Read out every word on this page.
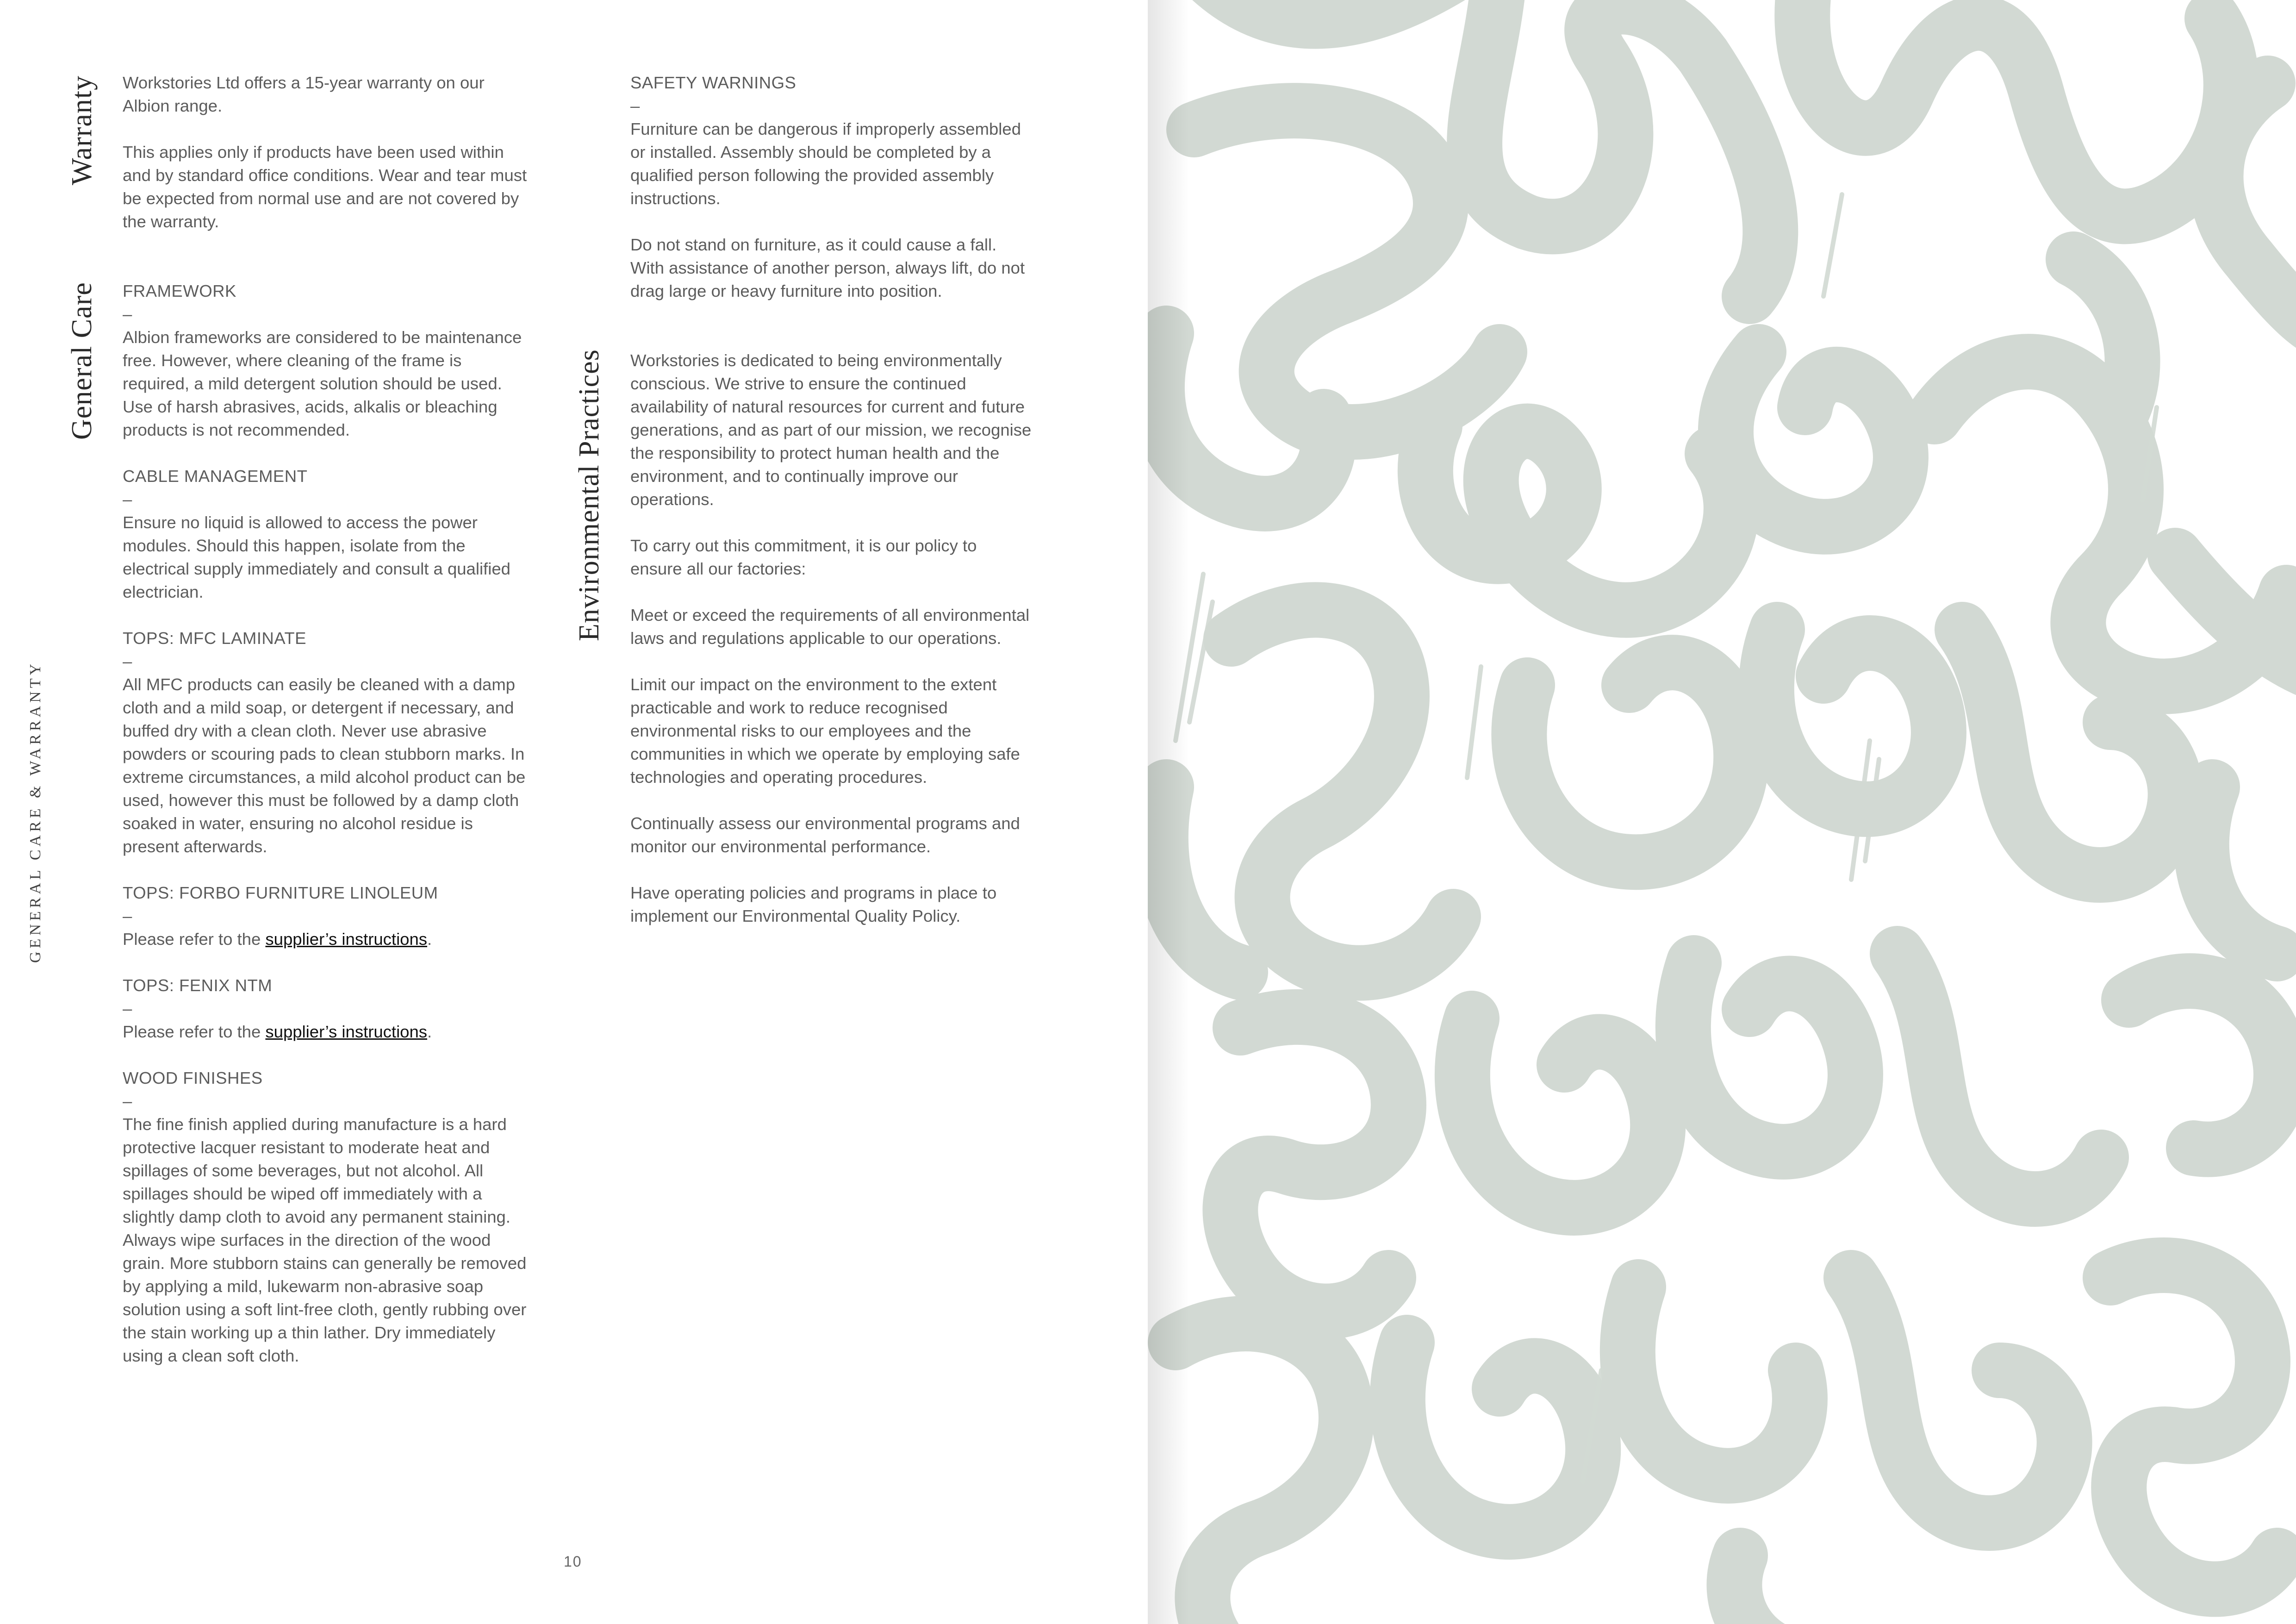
GENERAL CARE & WARRANTY
Warranty Workstories Ltd offers a 15-year warranty on our Albion range.

This applies only if products have been used within and by standard office conditions. Wear and tear must be expected from normal use and are not covered by the warranty.

General Care FRAMEWORK

–

Albion frameworks are considered to be maintenance free. However, where cleaning of the frame is required, a mild detergent solution should be used. Use of harsh abrasives, acids, alkalis or bleaching products is not recommended.

CABLE MANAGEMENT

–

Ensure no liquid is allowed to access the power modules. Should this happen, isolate from the electrical supply immediately and consult a qualified electrician.

TOPS: MFC LAMINATE

–

All MFC products can easily be cleaned with a damp cloth and a mild soap, or detergent if necessary, and buffed dry with a clean cloth. Never use abrasive powders or scouring pads to clean stubborn marks. In extreme circumstances, a mild alcohol product can be used, however this must be followed by a damp cloth soaked in water, ensuring no alcohol residue is present afterwards.

TOPS: FORBO FURNITURE LINOLEUM

–

Please refer to the supplier’s instructions.

TOPS: FENIX NTM

–

Please refer to the supplier’s instructions.

WOOD FINISHES

–

The fine finish applied during manufacture is a hard protective lacquer resistant to moderate heat and spillages of some beverages, but not alcohol. All spillages should be wiped off immediately with a slightly damp cloth to avoid any permanent staining. Always wipe surfaces in the direction of the wood grain. More stubborn stains can generally be removed by applying a mild, lukewarm non-abrasive soap solution using a soft lint-free cloth, gently rubbing over the stain working up a thin lather. Dry immediately using a clean soft cloth.

SAFETY WARNINGS

–

Furniture can be dangerous if improperly assembled or installed. Assembly should be completed by a qualified person following the provided assembly instructions.

Do not stand on furniture, as it could cause a fall. With assistance of another person, always lift, do not drag large or heavy furniture into position.

Environmental Practices Workstories is dedicated to being environmentally conscious. We strive to ensure the continued availability of natural resources for current and future generations, and as part of our mission, we recognise the responsibility to protect human health and the environment, and to continually improve our operations.

To carry out this commitment, it is our policy to ensure all our factories:

Meet or exceed the requirements of all environmental laws and regulations applicable to our operations.

Limit our impact on the environment to the extent practicable and work to reduce recognised environmental risks to our employees and the communities in which we operate by employing safe technologies and operating procedures.

Continually assess our environmental programs and monitor our environmental performance.

Have operating policies and programs in place to implement our Environmental Quality Policy.

10
